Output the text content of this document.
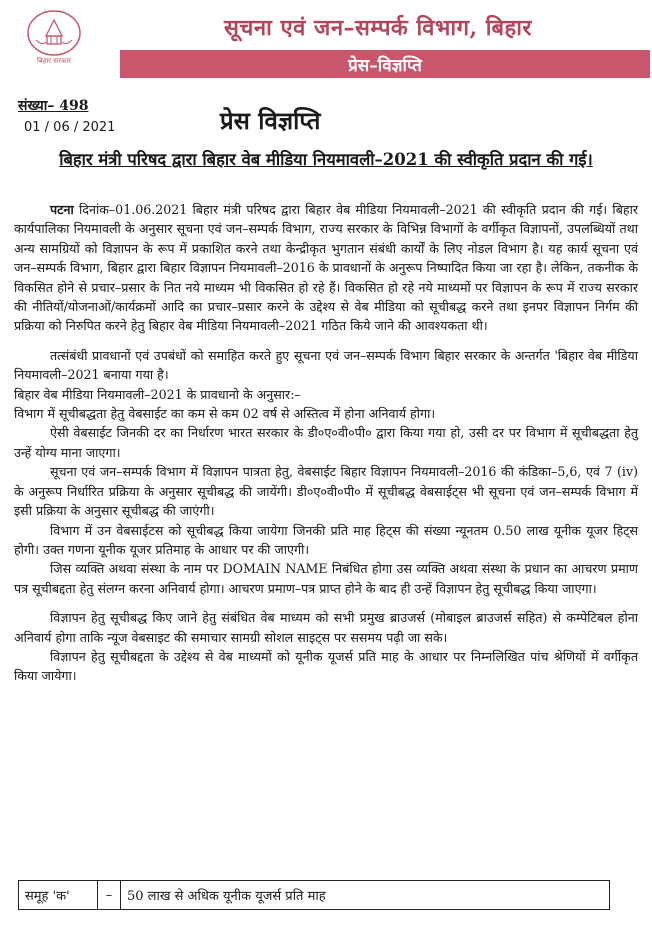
बिहार सरकार
सूचना एवं जन–सम्पर्क विभाग, बिहार
प्रेस–विज्ञप्ति
संख्या– 498
01 / 06 / 2021	प्रेस विज्ञप्ति
बिहार मंत्री परिषद द्वारा बिहार वेब मीडिया नियमावली–2021 की स्वीकृति प्रदान की गई।

पटना दिनांक–01.06.2021 बिहार मंत्री परिषद द्वारा बिहार वेब मीडिया नियमावली–2021 की स्वीकृति प्रदान की गई। बिहार कार्यपालिका नियमावली के अनुसार सूचना एवं जन–सम्पर्क विभाग, राज्य सरकार के विभिन्न विभागों के वर्गीकृत विज्ञापनों, उपलब्धियों तथा अन्य सामग्रियों को विज्ञापन के रूप में प्रकाशित करने तथा केन्द्रीकृत भुगतान संबंधी कार्यों के लिए नोडल विभाग है। यह कार्य सूचना एवं जन–सम्पर्क विभाग, बिहार द्वारा बिहार विज्ञापन नियमावली–2016 के प्रावधानों के अनुरूप निष्पादित किया जा रहा है। लेकिन, तकनीक के विकसित होने से प्रचार–प्रसार के नित नये माध्यम भी विकसित हो रहे हैं। विकसित हो रहे नये माध्यमों पर विज्ञापन के रूप में राज्य सरकार की नीतियों/योजनाओं/कार्यक्रमों आदि का प्रचार–प्रसार करने के उद्देश्य से वेब मीडिया को सूचीबद्ध करने तथा इनपर विज्ञापन निर्गम की प्रक्रिया को निरुपित करने हेतु बिहार वेब मीडिया नियमावली–2021 गठित किये जाने की आवश्यकता थी।

तत्संबंधी प्रावधानों एवं उपबंधों को समाहित करते हुए सूचना एवं जन–सम्पर्क विभाग बिहार सरकार के अन्तर्गत 'बिहार वेब मीडिया नियमावली–2021 बनाया गया है।

बिहार वेब मीडिया नियमावली–2021 के प्रावधानो के अनुसार:–

विभाग में सूचीबद्धता हेतु वेबसाईट का कम से कम 02 वर्ष से अस्तित्व में होना अनिवार्य होगा।

ऐसी वेबसाईट जिनकी दर का निर्धारण भारत सरकार के डी०ए०वी०पी० द्वारा किया गया हो, उसी दर पर विभाग में सूचीबद्धता हेतु उन्हें योग्य माना जाएगा।

सूचना एवं जन–सम्पर्क विभाग में विज्ञापन पात्रता हेतु, वेबसाईट बिहार विज्ञापन नियमावली–2016 की कंडिका–5,6, एवं 7 (iv) के अनुरूप निर्धारित प्रक्रिया के अनुसार सूचीबद्ध की जायेंगी। डी०ए०वी०पी० में सूचीबद्ध वेबसाईट्स भी सूचना एवं जन–सम्पर्क विभाग में इसी प्रक्रिया के अनुसार सूचीबद्ध की जाएंगी।

विभाग में उन वेबसाईटस को सूचीबद्ध किया जायेगा जिनकी प्रति माह हिट्स की संख्या न्यूनतम 0.50 लाख यूनीक यूजर हिट्स होगी। उक्त गणना यूनीक यूजर प्रतिमाह के आधार पर की जाएगी।

जिस व्यक्ति अथवा संस्था के नाम पर DOMAIN NAME निबंधित होगा उस व्यक्ति अथवा संस्था के प्रधान का आचरण प्रमाण पत्र सूचीबद्दता हेतु संलग्न करना अनिवार्य होगा। आचरण प्रमाण–पत्र प्राप्त होने के बाद ही उन्हें विज्ञापन हेतु सूचीबद्ध किया जाएगा।

विज्ञापन हेतु सूचीबद्ध किए जाने हेतु संबंधित वेब माध्यम को सभी प्रमुख ब्राउजर्स (मोबाइल ब्राउजर्स सहित) से कम्पेटिबल होना अनिवार्य होगा ताकि न्यूज वेबसाइट की समाचार सामग्री सोशल साइट्स पर ससमय पढ़ी जा सके।

विज्ञापन हेतु सूचीबद्दता के उद्देश्य से वेब माध्यमों को यूनीक यूजर्स प्रति माह के आधार पर निम्नलिखित पांच श्रेणियों में वर्गीकृत किया जायेगा।

समूह 'क'	–	50 लाख से अधिक यूनीक यूजर्स प्रति माह
